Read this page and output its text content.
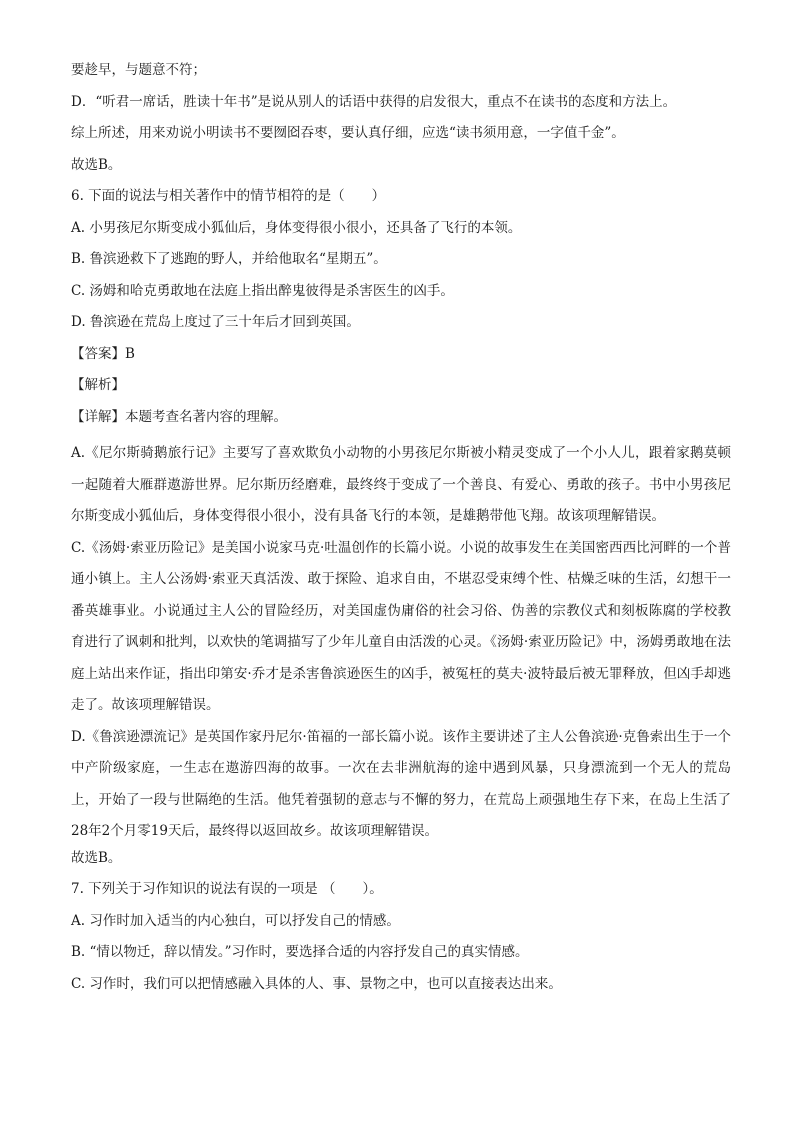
要趁早，与题意不符；

D．“听君一席话，胜读十年书”是说从别人的话语中获得的启发很大，重点不在读书的态度和方法上。

综上所述，用来劝说小明读书不要囫囵吞枣，要认真仔细，应选“读书须用意，一字值千金”。

故选B。

6. 下面的说法与相关著作中的情节相符的是（　　）

A. 小男孩尼尔斯变成小狐仙后，身体变得很小很小，还具备了飞行的本领。

B. 鲁滨逊救下了逃跑的野人，并给他取名“星期五”。

C. 汤姆和哈克勇敢地在法庭上指出醉鬼彼得是杀害医生的凶手。

D. 鲁滨逊在荒岛上度过了三十年后才回到英国。

【答案】B

【解析】

【详解】本题考查名著内容的理解。

A.《尼尔斯骑鹅旅行记》主要写了喜欢欺负小动物的小男孩尼尔斯被小精灵变成了一个小人儿，跟着家鹅莫顿一起随着大雁群遨游世界。尼尔斯历经磨难，最终终于变成了一个善良、有爱心、勇敢的孩子。书中小男孩尼尔斯变成小狐仙后，身体变得很小很小，没有具备飞行的本领，是雄鹅带他飞翔。故该项理解错误。

C.《汤姆·索亚历险记》是美国小说家马克·吐温创作的长篇小说。小说的故事发生在美国密西西比河畔的一个普通小镇上。主人公汤姆·索亚天真活泼、敢于探险、追求自由，不堪忍受束缚个性、枯燥乏味的生活，幻想干一番英雄事业。小说通过主人公的冒险经历，对美国虚伪庸俗的社会习俗、伪善的宗教仪式和刻板陈腐的学校教育进行了讽刺和批判，以欢快的笔调描写了少年儿童自由活泼的心灵。《汤姆·索亚历险记》中，汤姆勇敢地在法庭上站出来作证，指出印第安·乔才是杀害鲁滨逊医生的凶手，被冤枉的莫夫·波特最后被无罪释放，但凶手却逃走了。故该项理解错误。

D.《鲁滨逊漂流记》是英国作家丹尼尔·笛福的一部长篇小说。该作主要讲述了主人公鲁滨逊·克鲁索出生于一个中产阶级家庭，一生志在遨游四海的故事。一次在去非洲航海的途中遇到风暴，只身漂流到一个无人的荒岛上，开始了一段与世隔绝的生活。他凭着强韧的意志与不懈的努力，在荒岛上顽强地生存下来，在岛上生活了28年2个月零19天后，最终得以返回故乡。故该项理解错误。

故选B。

7. 下列关于习作知识的说法有误的一项是 （　　）。

A. 习作时加入适当的内心独白，可以抒发自己的情感。

B. “情以物迁，辞以情发。”习作时，要选择合适的内容抒发自己的真实情感。

C. 习作时，我们可以把情感融入具体的人、事、景物之中，也可以直接表达出来。
